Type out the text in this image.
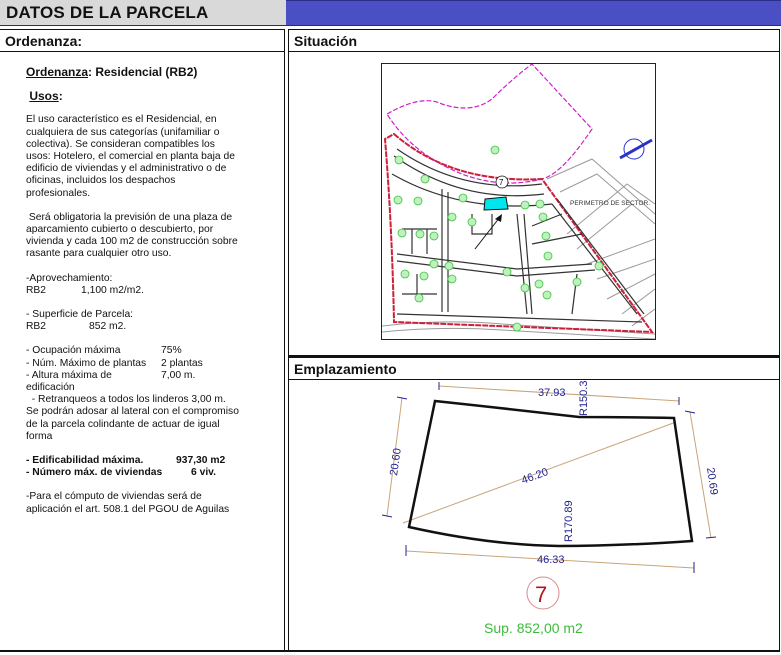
DATOS DE LA PARCELA
Ordenanza:

Ordenanza: Residencial (RB2)

Usos:

El uso característico es el Residencial, en cualquiera de sus categorías (unifamiliar o colectiva). Se consideran compatibles los usos: Hotelero, el comercial en planta baja de edificio de viviendas y el administrativo o de oficinas, incluidos los despachos profesionales.

Será obligatoria la previsión de una plaza de aparcamiento cubierto o descubierto, por vivienda y cada 100 m2 de construcción sobre rasante para cualquier otro uso.

-Aprovechamiento:

RB2	1,100 m2/m2.

- Superficie de Parcela:

RB2	852 m2.
- Ocupación máxima	75%
- Núm. Máximo de plantas	2 plantas
- Altura máxima de edificación
7,00 m.

- Retranqueos a todos los linderos 3,00 m. Se podrán adosar al lateral con el compromiso de la parcela colindante de actuar de igual forma

- Edificabilidad máxima.	937,30 m2
- Número máx. de viviendas	6 viv.

-Para el cómputo de viviendas será de aplicación el art. 508.1 del PGOU de Aguilas

Situación
7
PERIMETRO DE SECTOR.
Emplazamiento
37.93 R150.31
20.60
20.69
46.20
R170.89
46.33
7
Sup. 852,00 m2
